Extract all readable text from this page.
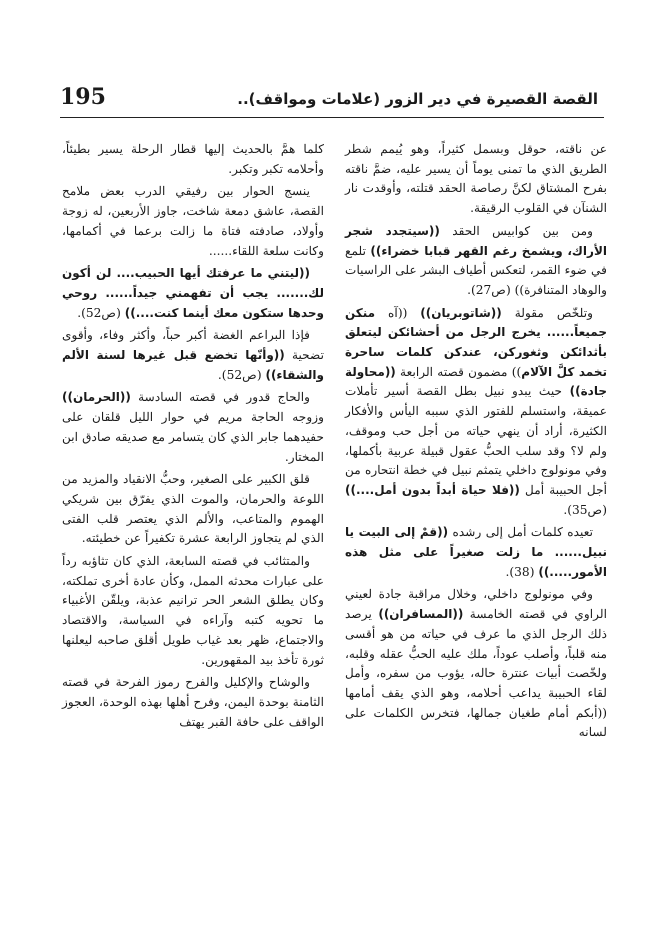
القصة القصيرة في دير الزور (علامات ومواقف)..
195

عن ناقته، حوقل وبسمل كثيراً، وهو يُيمم شطر الطريق الذي ما تمنى يوماً أن يسير عليه، ضمَّ ناقته بفرح المشتاق لكنَّ رصاصة الحقد قتلته، وأوقدت نار الشنآن في القلوب الرقيقة.

ومن بين كوابيس الحقد ((سيتجدد شجر الأراك، ويشمخ رغم القهر قبابا خضراء)) تلمع في ضوء القمر، لتعكس أطياف البشر على الراسيات والوهاد المتنافرة)) (ص27).

وتلخّص مقولة ((شاتوبريان)) ((آه منكن جميعاً...... يخرج الرجل من أحشائكن ليتعلق بأثدائكن وثغوركن، عندكن كلمات ساحرة تخمد كلَّ الآلام)) مضمون قصته الرابعة ((محاولة جادة)) حيث يبدو نبيل بطل القصة أسير تأملات عميقة، واستسلم للفتور الذي سببه اليأس والأفكار الكثيرة، أراد أن ينهي حياته من أجل حب وموقف، ولم لا؟ وقد سلب الحبُّ عقول قبيلة عربية بأكملها، وفي مونولوج داخلي يتمثم نبيل في خطة انتحاره من أجل الحبيبة أمل ((فلا حياة أبداً بدون أمل....)) (ص35).

تعيده كلمات أمل إلى رشده ((قمْ إلى البيت يا نبيل...... ما زلت صغيراً على مثل هذه الأمور.....)) (38).

وفي مونولوج داخلي، وخلال مراقبة جادة لعيني الراوي في قصته الخامسة ((المسافران)) يرصد ذلك الرجل الذي ما عرف في حياته من هو أقسى منه قلباً، وأصلب عوداً، ملك عليه الحبُّ عقله وقلبه، ولخّصت أبيات عنترة حاله، يؤوب من سفره، وأمل لقاء الحبيبة يداعب أحلامه، وهو الذي يقف أمامها ((أبكم أمام طغيان جمالها، فتخرس الكلمات على لسانه

كلما همَّ بالحديث إليها قطار الرحلة يسير بطيئاً، وأحلامه تكبر وتكبر.

ينسج الحوار بين رفيقي الدرب بعض ملامح القصة، عاشق دمعة شاخت، جاوز الأربعين، له زوجة وأولاد، صادفته فتاة ما زالت برعما في أكمامها، وكانت سلعة اللقاء......

((ليتني ما عرفتك أيها الحبيب.... لن أكون لك....... يجب أن تفهمني جيداً...... روحي وحدها ستكون معك أينما كنت....)) (ص52).

فإذا البراعم الغضة أكبر حباً، وأكثر وفاء، وأقوى تضحية ((وأنّها تخضع قبل غيرها لسنة الألم والشقاء)) (ص52).

والحاج قدور في قصته السادسة ((الحرمان)) وزوجه الحاجة مريم في حوار الليل قلقان على حفيدهما جابر الذي كان يتسامر مع صديقه صادق ابن المختار.

قلق الكبير على الصغير، وحبُّ الانقياد والمزيد من اللوعة والحرمان، والموت الذي يفرّق بين شريكي الهموم والمتاعب، والألم الذي يعتصر قلب الفتى الذي لم يتجاوز الرابعة عشرة تكفيراً عن خطيئته.

والمتثائب في قصته السابعة، الذي كان تثاؤبه رداً على عبارات محدثه الممل، وكأن عادة أخرى تملكته، وكان يطلق الشعر الحر ترانيم عذبة، ويلقّن الأغبياء ما تحويه كتبه وآراءه في السياسة، والاقتصاد والاجتماع، ظهر بعد غياب طويل أقلق صاحبه ليعلنها ثورة تأخذ بيد المقهورين.

والوشاح والإكليل والفرح رموز الفرحة في قصته الثامنة بوحدة اليمن، وفرح أهلها بهذه الوحدة، العجوز الواقف على حافة القبر يهتف
